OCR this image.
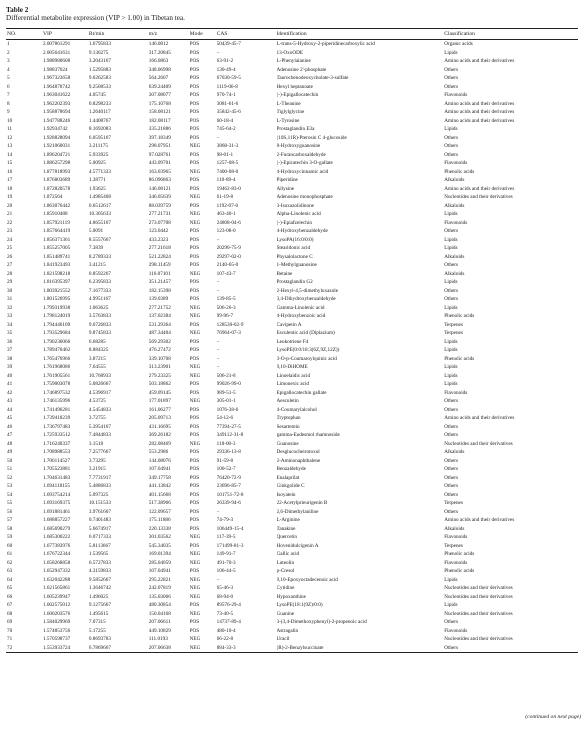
Table 2
Differential metabolite expression (VIP > 1.00) in Tibetan tea.
NO.	VIP	Rt/min	m/z	Mode	CAS	Identification	Classification
1	2.007861291	1.6795833	146.0812	POS	50439-45-7	L-trans-5-Hydroxy-2-piperidinecarboxylic acid	Organic acids
2	2.005641631	9.136275	317.20845	POS	–	13-OxoODE	Lipids
3	1.988980608	3.2043167	166.0863	POS	63-91-2	L-Phenylalanine	Amino acids and their derivatives
4	1.98837624	1.5295883	348.06998	POS	130-49-4	Adenosine 2'-phosphate	Others
5	1.967323658	9.6262583	564.2607	POS	67030-59-5	Taurochenodeoxycholate-3-sulfate	Others
6	1.964870742	9.2508533	639.24409	POS	1119-06-8	Hexyl heptanoate	Others
7	1.963041622	4.05745	307.08077	POS	970-74-1	(-)-Epigallocatechin	Flavonoids
8	1.962202393	0.8298233	175.10768	POS	3081-61-6	L-Theanine	Amino acids and their derivatives
9	1.958878694	1.2640117	158.08121	POS	35842-45-6	Tiglylglycine	Amino acids and their derivatives
10	1.947788246	1.4408767	182.08117	POS	60-18-4	L-Tyrosine	Amino acids and their derivatives
11	1.92934742	8.1692083	335.21886	POS	745-64-2	Prostaglandin E3a	Lipids
12	1.928828094	6.0595167	397.18349	POS	–	(10S,11R)-Pterosin C 4-glucoside	Others
13	1.921060031	3.211175	298.07951	NEG	3868-31-3	8-Hydroxyguanosine	Others
14	1.896204721	5.933925	97.028761	POS	98-01-1	2-Furancarboxaldehyde	Others
15	1.886257298	5.00925	443.09701	POS	1257-08-5	(-)-Epicatechin 3-O-gallate	Flavonoids
16	1.877818993	4.5771333	163.03965	NEG	7400-08-0	4-Hydroxycinnamic acid	Phenolic acids
17	1.876803689	1.38771	86.096863	POS	110-89-4	Piperidine	Alkaloids
18	1.872820578	1.93625	146.08121	POS	19462-83-0	Allysine	Amino acids and their derivatives
19	1.872564	1.4985408	346.05639	NEG	61-19-8	Adenosine monophosphate	Nucleotides and their derivatives
20	1.863076442	0.6512617	88.039759	POS	1192-07-0	3-Isoxazolidinone	Alkaloids
21	1.85910488	10.305633	277.21731	NEG	463-40-1	Alpha-Linolenic acid	Lipids
22	1.857921119	4.8655167	273.07708	NEG	24808-04-6	(-)-Epiafzelechin	Flavonoids
23	1.857664419	5.0091	123.0442	POS	123-08-0	4-Hydroxybenzaldehyde	Others
24	1.856371361	8.5557667	433.2323	POS	–	LysoPA(16:0/0:0)	Lipids
25	1.855257005	7.3839	277.21618	POS	20290-75-9	Stearidonic acid	Lipids
26	1.851489741	8.2789333	521.22824	POS	29297-02-0	Physalolactone C	Alkaloids
27	1.841923493	3.41215	298.11459	POS	2140-65-0	1-Methylguanosine	Others
28	1.821598218	0.8592267	116.07101	NEG	107-43-7	Betaine	Alkaloids
29	1.816395397	6.2395833	351.21457	POS	–	Prostaglandin G2	Lipids
30	1.803921552	7.1677333	182.15398	POS	–	2-Hexyl-4,5-dimethyloxazole	Others
31	1.801526995	4.9951167	139.0389	POS	139-85-5	3,4-Dihydroxybenzaldehyde	Others
32	1.799319938	1.063625	277.21752	NEG	506-26-3	Gamma-Linolenic acid	Lipids
33	1.798124019	3.5763833	137.02384	NEG	99-96-7	4-Hydroxybenzoic acid	Phenolic acids
34	1.794446109	9.6726833	531.29364	POS	128530-02-9	Cavipetin A	Terpenes
35	1.793529684	9.8745833	487.34404	NEG	76964-07-3	Esculentic acid (Diplazium)	Terpenes
36	1.790236066	6.68285	569.29302	POS	–	Leukotriene F4	Lipids
37	1.789470462	8.884325	476.27472	POS	–	LysoPE(0:0/18:3(6Z,9Z,12Z))	Lipids
38	1.765476966	3.87215	339.10708	POS	–	3-O-p-Coumaroylquinic acid	Phenolic acids
39	1.761968086	7.64555	313.23901	NEG	–	9,10-DiHOME	Lipids
40	1.761905561	10.768933	279.23325	NEG	506-21-8	Linoelaidic acid	Lipids
41	1.759003078	5.0826667	503.18862	POS	99026-99-0	Limonexic acid	Lipids
42	1.746897532	4.5396917	459.09145	POS	989-51-5	Epigallocatechin gallate	Flavonoids
43	1.746135996	4.53725	177.01897	NEG	305-01-1	Aesculetin	Others
44	1.741496281	4.5454833	161.06277	POS	1076-38-6	4-Coumarylalcohol	Others
45	1.739418239	3.72755	205.09713	POS	54-12-6	Tryptophan	Amino acids and their derivatives
46	1.736797483	5.3954167	431.16695	POS	77394-27-5	Sesartemin	Others
47	1.725933512	7.4844833	369.26182	POS	349112-31-8	gamma-Eudesmol rhamnoside	Others
48	1.716240337	3.1518	282.08469	NEG	118-00-3	Guanosine	Nucleotides and their derivatives
49	1.708988553	7.2577667	553.2986	POS	29336-13-8	Desglucocheirotoxol	Alkaloids
50	1.706114527	3.73295	144.08076	POS	91-59-8	2-Aminonaphthalene	Others
51	1.705523881	3.21915	107.04941	POS	100-52-7	Benzaldehyde	Others
52	1.704631483	7.7731917	349.17758	POS	76420-72-9	Enalaprilat	Others
53	1.694118155	5.4886833	441.13842	POS	23696-85-7	Ginkgolide C	Others
54	1.693754214	5.097325	401.15668	POS	101751-72-8	Isoyatein	Others
55	1.693169375	10.151533	517.38966	POS	26339-94-6	22-Acetylprieurigenin B	Terpenes
56	1.691881461	3.9761667	122.09657	POS	–	2,6-Dimethylaniline	Others
57	1.688857227	0.7401483	175.11886	POS	74-79-3	L-Arginine	Amino acids and their derivatives
58	1.685690279	5.6674917	220.13338	POS	106449-15-4	Tanakine	Alkaloids
59	1.685300222	6.0717333	301.03562	NEG	117-39-5	Quercetin	Flavonoids
60	1.677383976	5.8113667	545.34035	POS	171499-81-3	Hovenidulcigenin A	Terpenes
61	1.676722344	1.539565	169.01394	NEG	149-91-7	Gallic acid	Phenolic acids
62	1.658268858	6.5727833	285.04059	NEG	491-70-3	Luteolin	Flavonoids
63	1.652947332	4.3159833	107.04941	POS	106-44-5	p-Cresol	Phenolic acids
64	1.632042288	9.5852667	295.22821	NEG	–	9,10-Epoxyoctadecenoic acid	Lipids
65	1.621565861	1.3646742	242.07819	NEG	65-46-3	Cytidine	Nucleotides and their derivatives
66	1.605239947	1.496025	135.03066	NEG	68-94-0	Hypoxanthine	Nucleotides and their derivatives
67	1.602575012	9.1275667	480.30854	POS	89576-29-4	LysoPE(18:1(9Z)/0:0)	Lipids
68	1.600203576	1.495615	150.04168	NEG	73-40-5	Guanine	Nucleotides and their derivatives
69	1.584029969	7.07315	207.06611	POS	14737-89-4	3-(3,4-Dimethoxyphenyl)-2-propenoic acid	Others
70	1.574853756	5.17255	449.10829	POS	480-10-4	Astragalin	Flavonoids
71	1.570598737	0.8693783	111.0193	NEG	66-22-8	Uracil	Nucleotides and their derivatives
72	1.553933724	6.7869667	207.06638	NEG	884-33-3	(R)-2-Benzylsuccinate	Others
(continued on next page)
